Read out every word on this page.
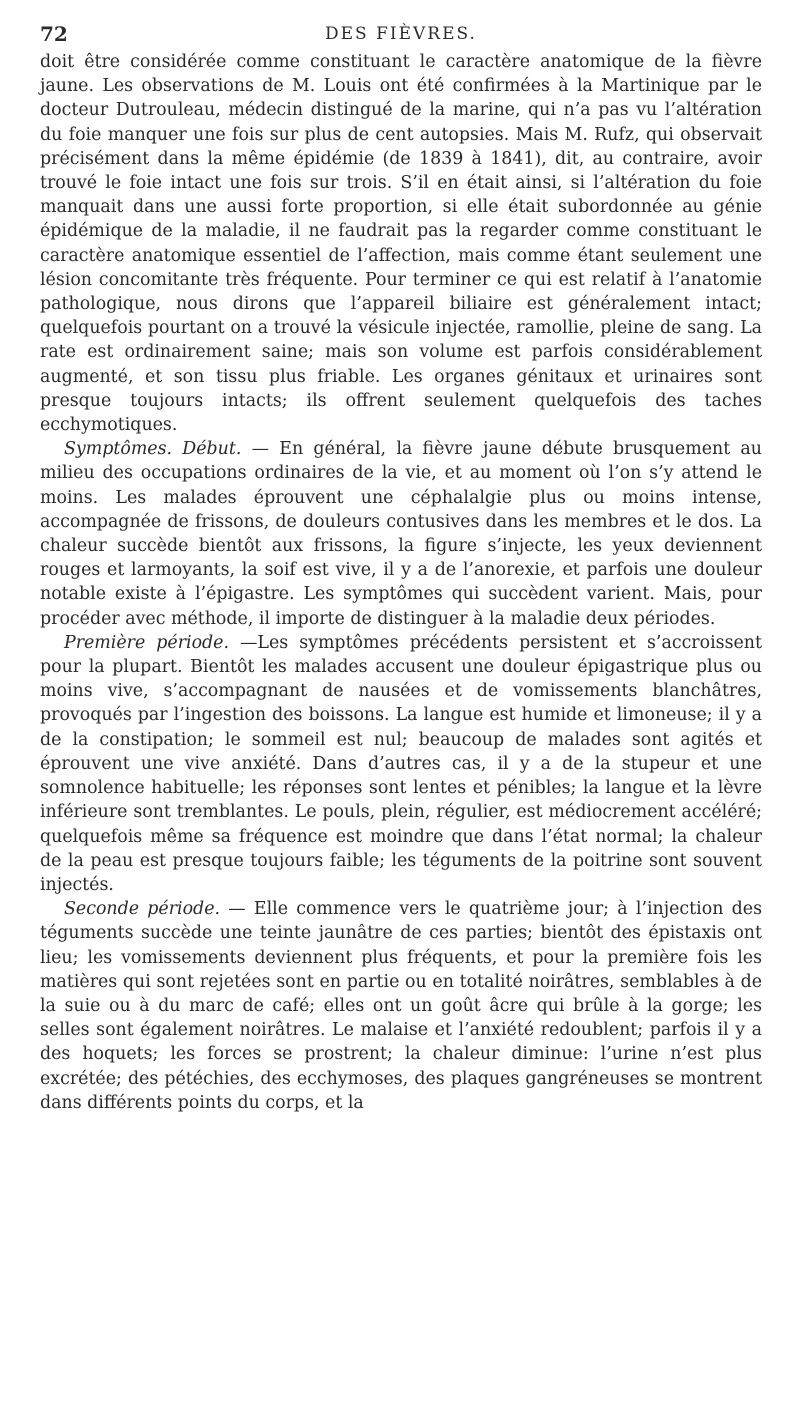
72	DES FIÈVRES.

doit être considérée comme constituant le caractère anatomique de la fièvre jaune. Les observations de M. Louis ont été confirmées à la Martinique par le docteur Dutrouleau, médecin distingué de la marine, qui n’a pas vu l’altération du foie manquer une fois sur plus de cent autopsies. Mais M. Rufz, qui observait précisément dans la même épidémie (de 1839 à 1841), dit, au contraire, avoir trouvé le foie intact une fois sur trois. S’il en était ainsi, si l’altération du foie manquait dans une aussi forte proportion, si elle était subordonnée au génie épidémique de la maladie, il ne faudrait pas la regarder comme constituant le caractère anatomique essentiel de l’affection, mais comme étant seulement une lésion concomitante très fréquente. Pour terminer ce qui est relatif à l’anatomie pathologique, nous dirons que l’appareil biliaire est généralement intact; quelquefois pourtant on a trouvé la vésicule injectée, ramollie, pleine de sang. La rate est ordinairement saine; mais son volume est parfois considérablement augmenté, et son tissu plus friable. Les organes génitaux et urinaires sont presque toujours intacts; ils offrent seulement quelquefois des taches ecchymotiques.

Symptômes. Début. — En général, la fièvre jaune débute brusquement au milieu des occupations ordinaires de la vie, et au moment où l’on s’y attend le moins. Les malades éprouvent une céphalalgie plus ou moins intense, accompagnée de frissons, de douleurs contusives dans les membres et le dos. La chaleur succède bientôt aux frissons, la figure s’injecte, les yeux deviennent rouges et larmoyants, la soif est vive, il y a de l’anorexie, et parfois une douleur notable existe à l’épigastre. Les symptômes qui succèdent varient. Mais, pour procéder avec méthode, il importe de distinguer à la maladie deux périodes.

Première période. —Les symptômes précédents persistent et s’accroissent pour la plupart. Bientôt les malades accusent une douleur épigastrique plus ou moins vive, s’accompagnant de nausées et de vomissements blanchâtres, provoqués par l’ingestion des boissons. La langue est humide et limoneuse; il y a de la constipation; le sommeil est nul; beaucoup de malades sont agités et éprouvent une vive anxiété. Dans d’autres cas, il y a de la stupeur et une somnolence habituelle; les réponses sont lentes et pénibles; la langue et la lèvre inférieure sont tremblantes. Le pouls, plein, régulier, est médiocrement accéléré; quelquefois même sa fréquence est moindre que dans l’état normal; la chaleur de la peau est presque toujours faible; les téguments de la poitrine sont souvent injectés.

Seconde période. — Elle commence vers le quatrième jour; à l’injection des téguments succède une teinte jaunâtre de ces parties; bientôt des épistaxis ont lieu; les vomissements deviennent plus fréquents, et pour la première fois les matières qui sont rejetées sont en partie ou en totalité noirâtres, semblables à de la suie ou à du marc de café; elles ont un goût âcre qui brûle à la gorge; les selles sont également noirâtres. Le malaise et l’anxiété redoublent; parfois il y a des hoquets; les forces se prostrent; la chaleur diminue: l’urine n’est plus excrétée; des pétéchies, des ecchymoses, des plaques gangréneuses se montrent dans différents points du corps, et la
